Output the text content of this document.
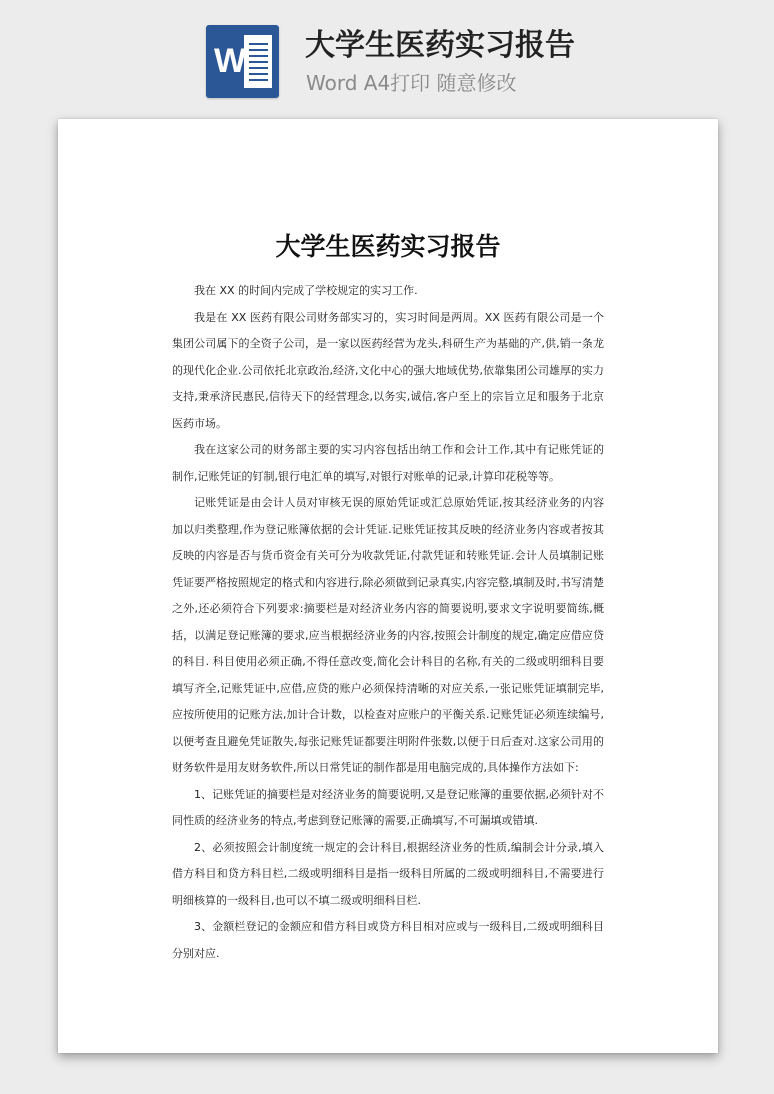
W 大学生医药实习报告
Word A4打印 随意修改
大学生医药实习报告

我在 XX 的时间内完成了学校规定的实习工作.

我是在 XX 医药有限公司财务部实习的，实习时间是两周。XX 医药有限公司是一个集团公司属下的全资子公司，是一家以医药经营为龙头,科研生产为基础的产,供,销一条龙的现代化企业.公司依托北京政治,经济,文化中心的强大地域优势,依靠集团公司雄厚的实力支持,秉承济民惠民,信待天下的经营理念,以务实,诚信,客户至上的宗旨立足和服务于北京医药市场。

我在这家公司的财务部主要的实习内容包括出纳工作和会计工作,其中有记账凭证的制作,记账凭证的钉制,银行电汇单的填写,对银行对账单的记录,计算印花税等等。

记账凭证是由会计人员对审核无误的原始凭证或汇总原始凭证,按其经济业务的内容加以归类整理,作为登记账簿依据的会计凭证.记账凭证按其反映的经济业务内容或者按其反映的内容是否与货币资金有关可分为收款凭证,付款凭证和转账凭证.会计人员填制记账凭证要严格按照规定的格式和内容进行,除必须做到记录真实,内容完整,填制及时,书写清楚之外,还必须符合下列要求:摘要栏是对经济业务内容的简要说明,要求文字说明要简练,概括，以满足登记账簿的要求,应当根据经济业务的内容,按照会计制度的规定,确定应借应贷的科目. 科目使用必须正确,不得任意改变,简化会计科目的名称,有关的二级或明细科目要填写齐全,记账凭证中,应借,应贷的账户必须保持清晰的对应关系,一张记账凭证填制完毕,应按所使用的记账方法,加计合计数，以检查对应账户的平衡关系.记账凭证必须连续编号,以便考查且避免凭证散失,每张记账凭证都要注明附件张数,以便于日后查对.这家公司用的财务软件是用友财务软件,所以日常凭证的制作都是用电脑完成的,具体操作方法如下:

1、记账凭证的摘要栏是对经济业务的简要说明,又是登记账簿的重要依据,必须针对不同性质的经济业务的特点,考虑到登记账簿的需要,正确填写,不可漏填或错填.

2、必须按照会计制度统一规定的会计科目,根据经济业务的性质,编制会计分录,填入借方科目和贷方科目栏,二级或明细科目是指一级科目所属的二级或明细科目,不需要进行明细核算的一级科目,也可以不填二级或明细科目栏.

3、金额栏登记的金额应和借方科目或贷方科目相对应或与一级科目,二级或明细科目分别对应.
